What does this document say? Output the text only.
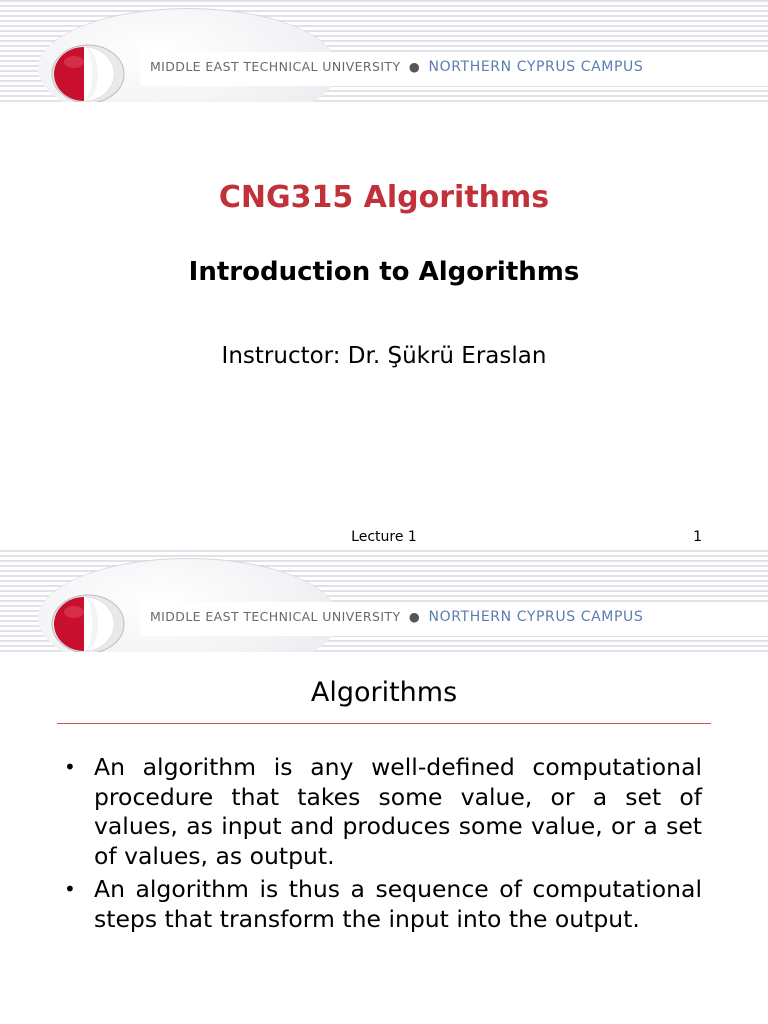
MIDDLE EAST TECHNICAL UNIVERSITY ● NORTHERN CYPRUS CAMPUS
CNG315 Algorithms
Introduction to Algorithms
Instructor: Dr. Şükrü Eraslan
Lecture 1	1
MIDDLE EAST TECHNICAL UNIVERSITY ● NORTHERN CYPRUS CAMPUS
Algorithms
• An algorithm is any well-defined computational procedure that takes some value, or a set of values, as input and produces some value, or a set of values, as output.
• An algorithm is thus a sequence of computational steps that transform the input into the output.
